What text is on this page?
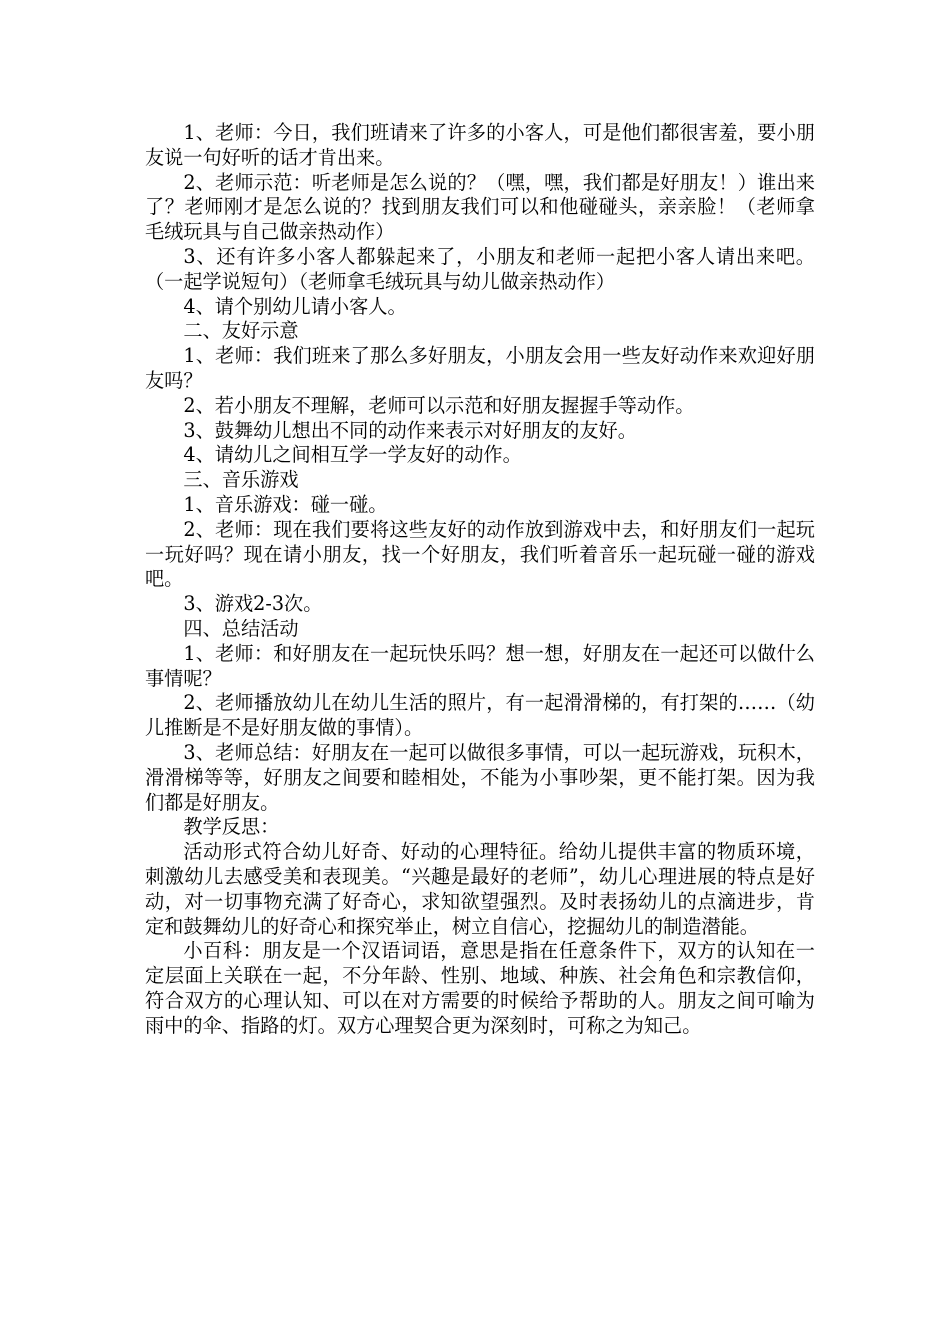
1、老师：今日，我们班请来了许多的小客人，可是他们都很害羞，要小朋友说一句好听的话才肯出来。

2、老师示范：听老师是怎么说的？（嘿，嘿，我们都是好朋友！）谁出来了？老师刚才是怎么说的？找到朋友我们可以和他碰碰头，亲亲脸！（老师拿毛绒玩具与自己做亲热动作）

3、还有许多小客人都躲起来了，小朋友和老师一起把小客人请出来吧。（一起学说短句）（老师拿毛绒玩具与幼儿做亲热动作）

4、请个别幼儿请小客人。

二、友好示意

1、老师：我们班来了那么多好朋友，小朋友会用一些友好动作来欢迎好朋友吗？

2、若小朋友不理解，老师可以示范和好朋友握握手等动作。

3、鼓舞幼儿想出不同的动作来表示对好朋友的友好。

4、请幼儿之间相互学一学友好的动作。

三、音乐游戏

1、音乐游戏：碰一碰。

2、老师：现在我们要将这些友好的动作放到游戏中去，和好朋友们一起玩一玩好吗？现在请小朋友，找一个好朋友，我们听着音乐一起玩碰一碰的游戏吧。

3、游戏2-3次。

四、总结活动

1、老师：和好朋友在一起玩快乐吗？想一想，好朋友在一起还可以做什么事情呢？

2、老师播放幼儿在幼儿生活的照片，有一起滑滑梯的，有打架的……（幼儿推断是不是好朋友做的事情）。

3、老师总结：好朋友在一起可以做很多事情，可以一起玩游戏，玩积木，滑滑梯等等，好朋友之间要和睦相处，不能为小事吵架，更不能打架。因为我们都是好朋友。

教学反思：

活动形式符合幼儿好奇、好动的心理特征。给幼儿提供丰富的物质环境，刺激幼儿去感受美和表现美。“兴趣是最好的老师”，幼儿心理进展的特点是好动，对一切事物充满了好奇心，求知欲望强烈。及时表扬幼儿的点滴进步，肯定和鼓舞幼儿的好奇心和探究举止，树立自信心，挖掘幼儿的制造潜能。

小百科：朋友是一个汉语词语，意思是指在任意条件下，双方的认知在一定层面上关联在一起，不分年龄、性别、地域、种族、社会角色和宗教信仰，符合双方的心理认知、可以在对方需要的时候给予帮助的人。朋友之间可喻为雨中的伞、指路的灯。双方心理契合更为深刻时，可称之为知己。
